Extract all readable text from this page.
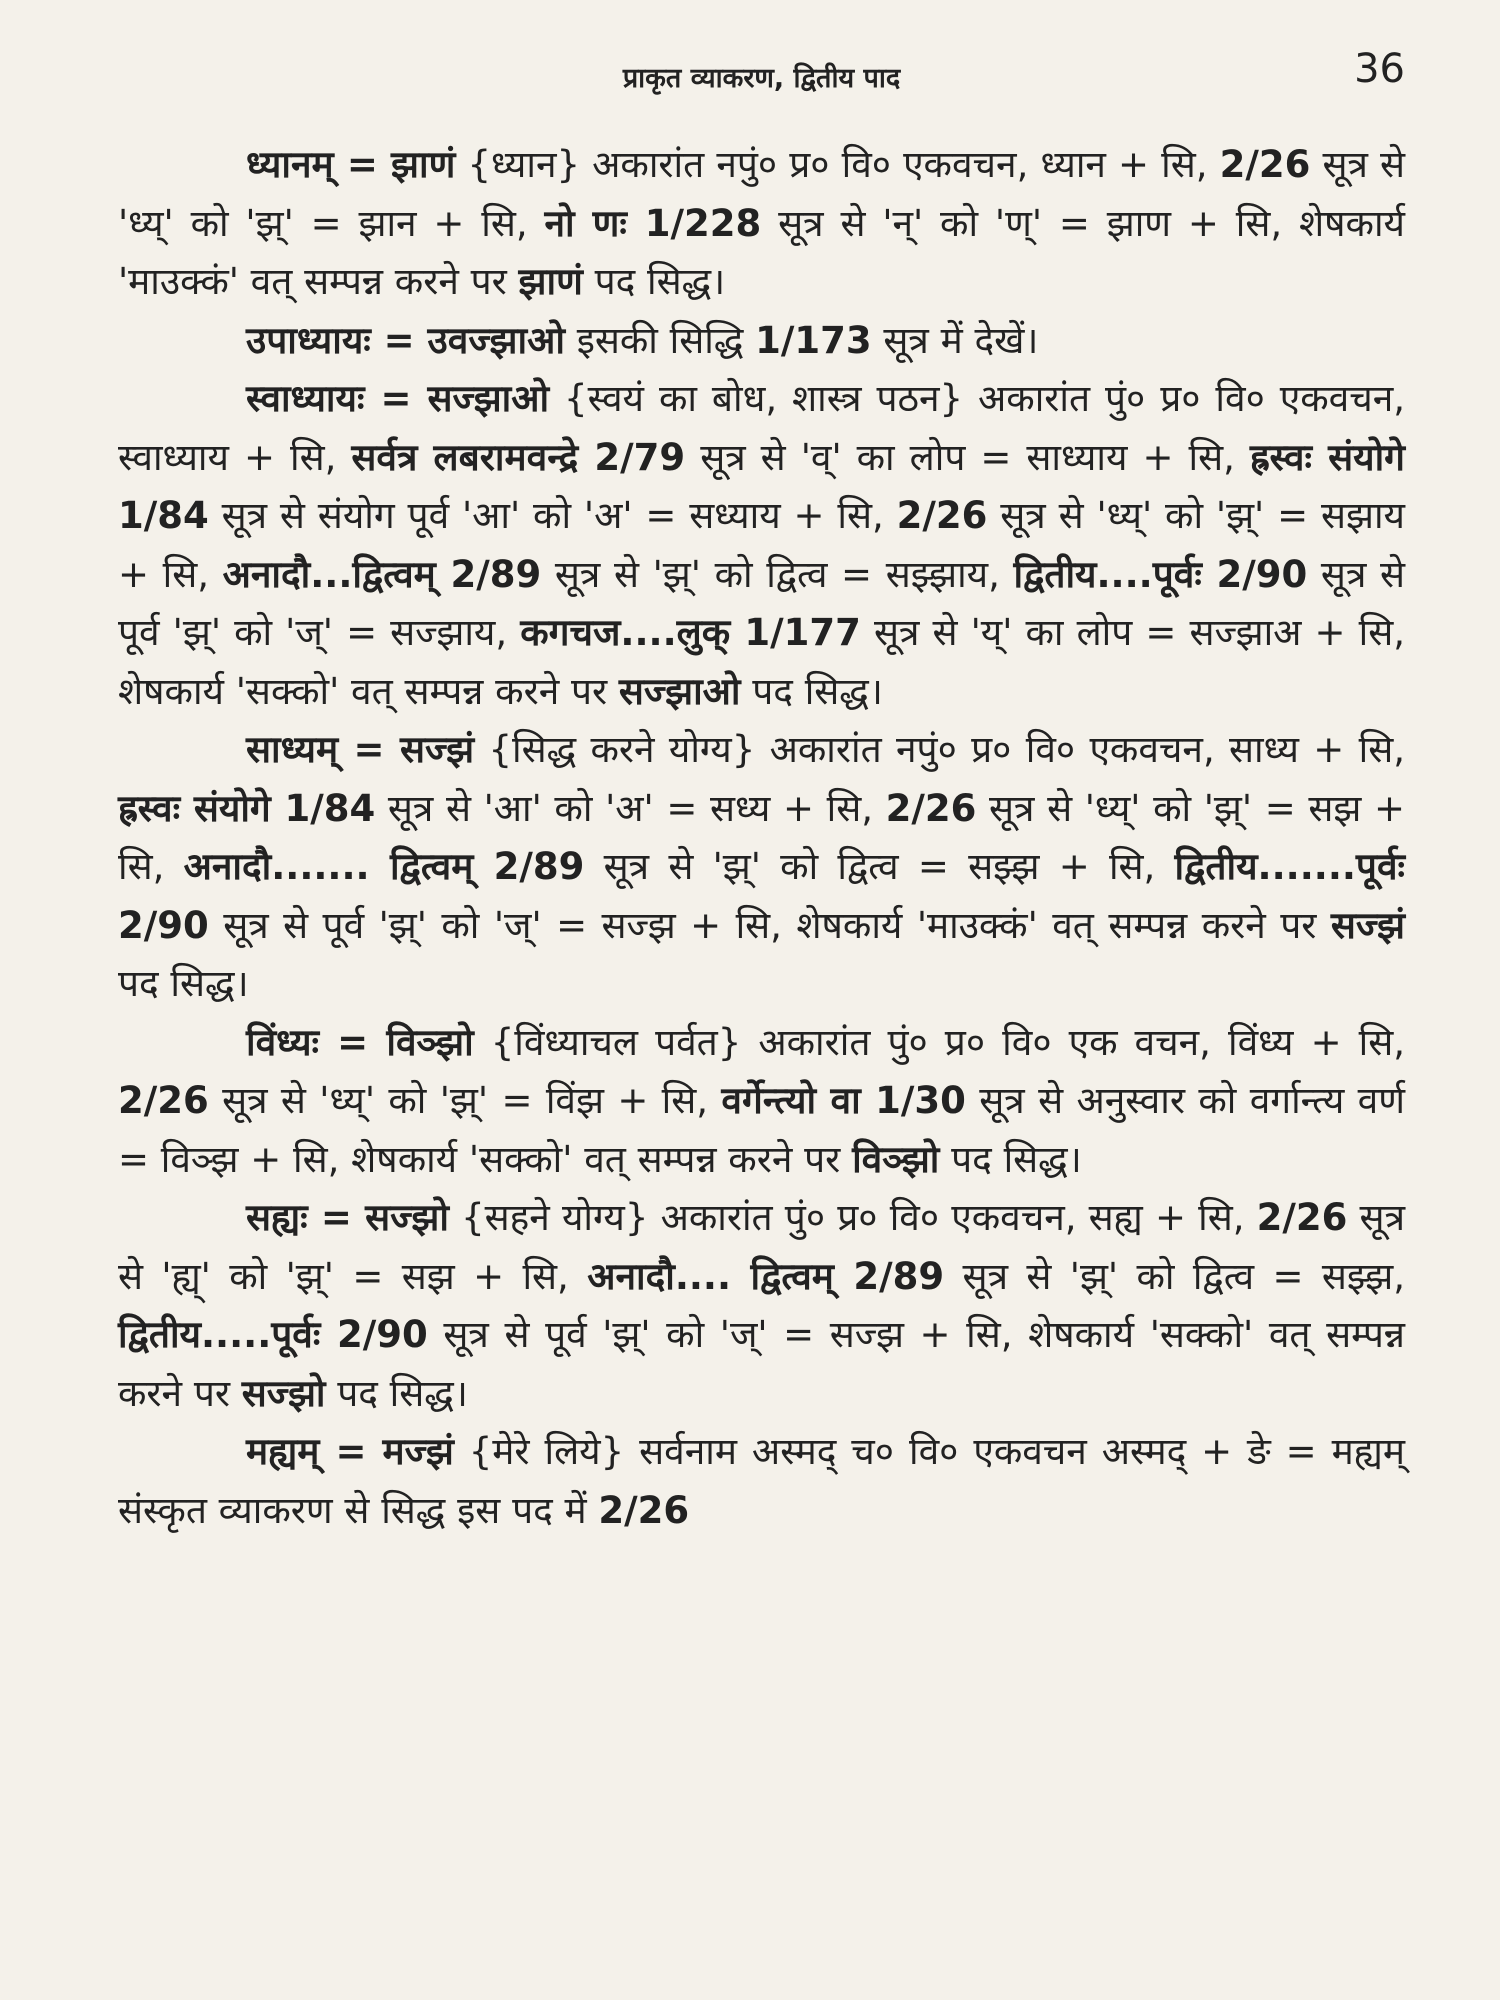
प्राकृत व्याकरण, द्वितीय पाद	36

ध्यानम् = झाणं {ध्यान} अकारांत नपुं० प्र० वि० एकवचन, ध्यान + सि, 2/26 सूत्र से 'ध्य्' को 'झ्' = झान + सि, नो णः 1/228 सूत्र से 'न्' को 'ण्' = झाण + सि, शेषकार्य 'माउक्कं' वत् सम्पन्न करने पर झाणं पद सिद्ध।

उपाध्यायः = उवज्झाओ इसकी सिद्धि 1/173 सूत्र में देखें।

स्वाध्यायः = सज्झाओ {स्वयं का बोध, शास्त्र पठन} अकारांत पुं० प्र० वि० एकवचन, स्वाध्याय + सि, सर्वत्र लबरामवन्द्रे 2/79 सूत्र से 'व्' का लोप = साध्याय + सि, ह्रस्वः संयोगे 1/84 सूत्र से संयोग पूर्व 'आ' को 'अ' = सध्याय + सि, 2/26 सूत्र से 'ध्य्' को 'झ्' = सझाय + सि, अनादौ...द्वित्वम् 2/89 सूत्र से 'झ्' को द्वित्व = सझ्झाय, द्वितीय....पूर्वः 2/90 सूत्र से पूर्व 'झ्' को 'ज्' = सज्झाय, कगचज....लुक् 1/177 सूत्र से 'य्' का लोप = सज्झाअ + सि, शेषकार्य 'सक्को' वत् सम्पन्न करने पर सज्झाओ पद सिद्ध।

साध्यम् = सज्झं {सिद्ध करने योग्य} अकारांत नपुं० प्र० वि० एकवचन, साध्य + सि, ह्रस्वः संयोगे 1/84 सूत्र से 'आ' को 'अ' = सध्य + सि, 2/26 सूत्र से 'ध्य्' को 'झ्' = सझ + सि, अनादौ....... द्वित्वम् 2/89 सूत्र से 'झ्' को द्वित्व = सझ्झ + सि, द्वितीय.......पूर्वः 2/90 सूत्र से पूर्व 'झ्' को 'ज्' = सज्झ + सि, शेषकार्य 'माउक्कं' वत् सम्पन्न करने पर सज्झं पद सिद्ध।

विंध्यः = विञ्झो {विंध्याचल पर्वत} अकारांत पुं० प्र० वि० एक वचन, विंध्य + सि, 2/26 सूत्र से 'ध्य्' को 'झ्' = विंझ + सि, वर्गेन्त्यो वा 1/30 सूत्र से अनुस्वार को वर्गान्त्य वर्ण = विञ्झ + सि, शेषकार्य 'सक्को' वत् सम्पन्न करने पर विञ्झो पद सिद्ध।

सह्यः = सज्झो {सहने योग्य} अकारांत पुं० प्र० वि० एकवचन, सह्य + सि, 2/26 सूत्र से 'ह्य्' को 'झ्' = सझ + सि, अनादौ.... द्वित्वम् 2/89 सूत्र से 'झ्' को द्वित्व = सझ्झ, द्वितीय.....पूर्वः 2/90 सूत्र से पूर्व 'झ्' को 'ज्' = सज्झ + सि, शेषकार्य 'सक्को' वत् सम्पन्न करने पर सज्झो पद सिद्ध।

मह्यम् = मज्झं {मेरे लिये} सर्वनाम अस्मद् च० वि० एकवचन अस्मद् + ङे = मह्यम् संस्कृत व्याकरण से सिद्ध इस पद में 2/26
